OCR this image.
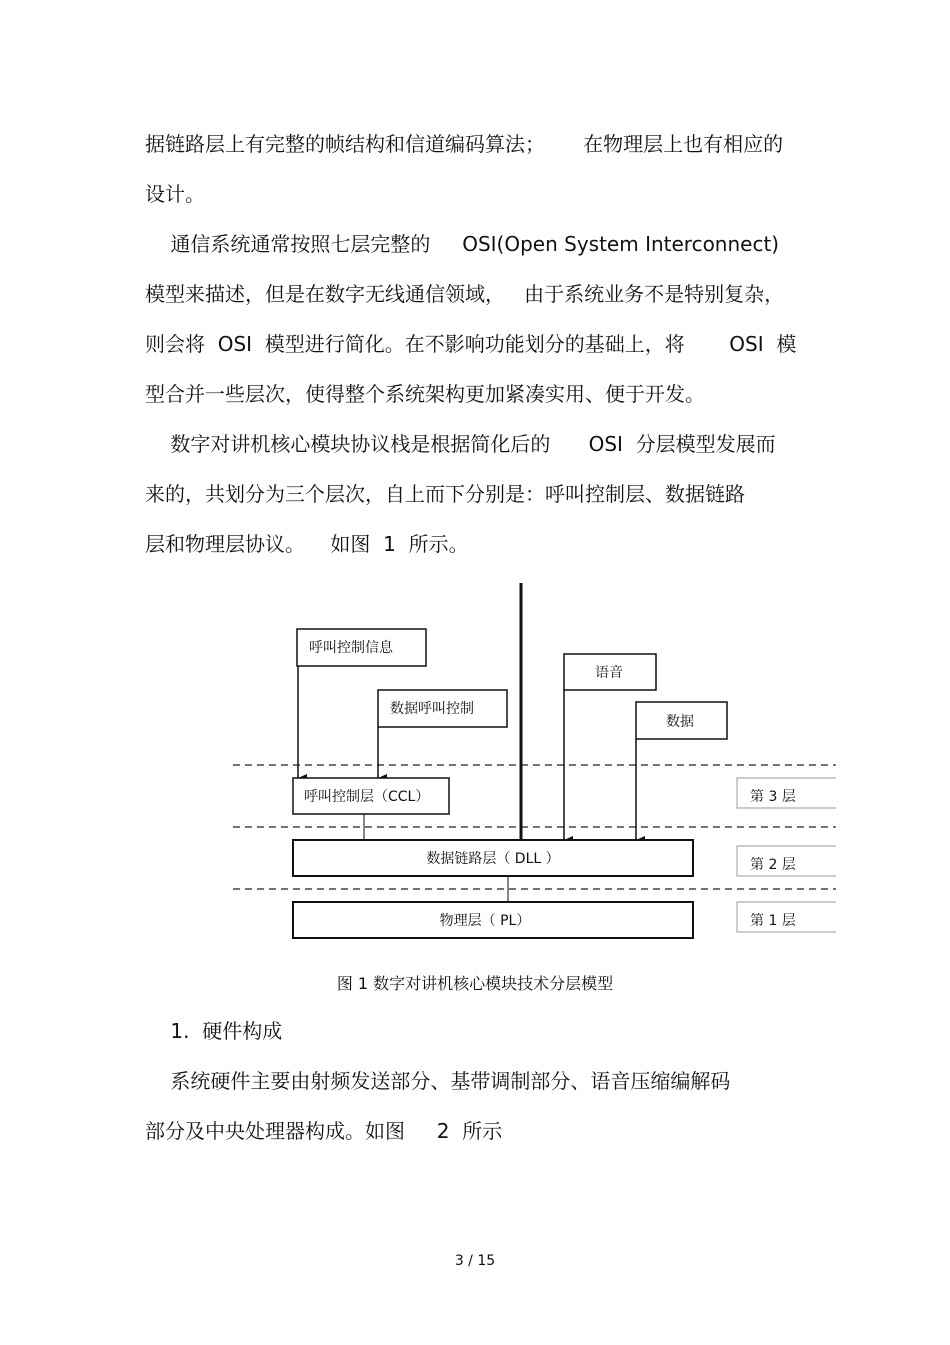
据链路层上有完整的帧结构和信道编码算法；      在物理层上也有相应的

设计。

通信系统通常按照七层完整的     OSI(Open System Interconnect)

模型来描述，但是在数字无线通信领域，   由于系统业务不是特别复杂，

则会将  OSI  模型进行简化。在不影响功能划分的基础上，将       OSI  模

型合并一些层次，使得整个系统架构更加紧凑实用、便于开发。

数字对讲机核心模块协议栈是根据简化后的      OSI  分层模型发展而

来的，共划分为三个层次，自上而下分别是：呼叫控制层、数据链路

层和物理层协议。    如图  1  所示。

呼叫控制信息
数据呼叫控制
语音
数据
呼叫控制层（CCL）
数据链路层（ DLL ）
物理层（ PL）
第 3 层
第 2 层
第 1 层

图 1 数字对讲机核心模块技术分层模型

1.  硬件构成

系统硬件主要由射频发送部分、基带调制部分、语音压缩编解码

部分及中央处理器构成。如图     2  所示

3 / 15
